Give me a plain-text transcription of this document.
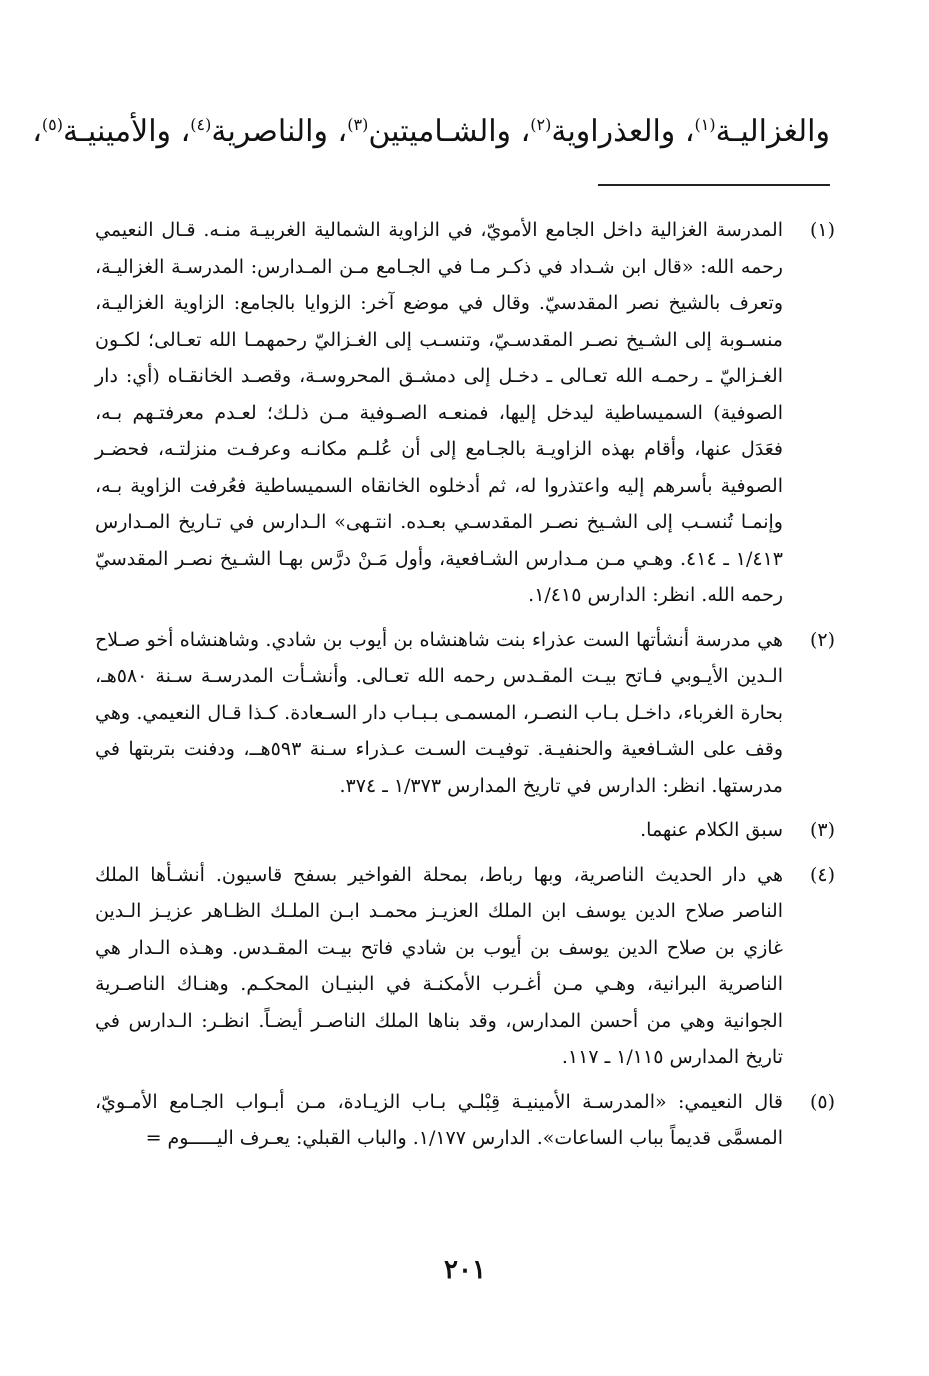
والغزاليـة$^{(١)}$، والعذراوية$^{(٢)}$، والشـاميتين$^{(٣)}$، والناصرية$^{(٤)}$، والأمينيـة$^{(٥)}$،
(١)
المدرسة الغزالية داخل الجامع الأمويّ، في الزاوية الشمالية الغربيـة منـه. قـال النعيمي رحمه الله: «قال ابن شـداد في ذكـر مـا في الجـامع مـن المـدارس: المدرسـة الغزاليـة، وتعرف بالشيخ نصر المقدسيّ. وقال في موضع آخر: الزوايا بالجامع: الزاوية الغزاليـة، منسـوبة إلى الشـيخ نصـر المقدسـيّ، وتنسـب إلى الغـزاليّ رحمهمـا الله تعـالى؛ لكـون الغـزاليّ ـ رحمـه الله تعـالى ـ دخـل إلى دمشـق المحروسـة، وقصـد الخانقـاه (أي: دار الصوفية) السميساطية ليدخل إليها، فمنعـه الصـوفية مـن ذلـك؛ لعـدم معرفتـهم بـه، فعَدَل عنها، وأقام بهذه الزاويـة بالجـامع إلى أن عُلـم مكانـه وعرفـت منزلتـه، فحضـر الصوفية بأسرهم إليه واعتذروا له، ثم أدخلوه الخانقاه السميساطية فعُرفت الزاوية بـه، وإنمـا تُنسـب إلى الشـيخ نصـر المقدسـي بعـده. انتـهى» الـدارس في تـاريخ المـدارس ١/٤١٣ ـ ٤١٤. وهـي مـن مـدارس الشـافعية، وأول مَـنْ درَّس بهـا الشـيخ نصـر المقدسيّ رحمه الله. انظر: الدارس ١/٤١٥.
(٢)
هي مدرسة أنشأتها الست عذراء بنت شاهنشاه بن أيوب بن شادي. وشاهنشاه أخو صـلاح الـدين الأيـوبي فـاتح بيـت المقـدس رحمه الله تعـالى. وأنشـأت المدرسـة سـنة ٥٨٠هـ، بحارة الغرباء، داخـل بـاب النصـر، المسمـى بـبـاب دار السـعادة. كـذا قـال النعيمي. وهي وقف على الشـافعية والحنفيـة. توفيـت السـت عـذراء سـنة ٥٩٣هــ، ودفنت بتربتها في مدرستها. انظر: الدارس في تاريخ المدارس ١/٣٧٣ ـ ٣٧٤.
(٣)
سبق الكلام عنهما.
(٤)
هي دار الحديث الناصرية، وبها رباط، بمحلة الفواخير بسفح قاسيون. أنشـأها الملك الناصر صلاح الدين يوسف ابن الملك العزيـز محمـد ابـن الملـك الظـاهر عزيـز الـدين غازي بن صلاح الدين يوسف بن أيوب بن شادي فاتح بيـت المقـدس. وهـذه الـدار هي الناصرية البرانية، وهـي مـن أغـرب الأمكنـة في البنيـان المحكـم. وهنـاك الناصـرية الجوانية وهي من أحسن المدارس، وقد بناها الملك الناصـر أيضـاً. انظـر: الـدارس في تاريخ المدارس ١/١١٥ ـ ١١٧.
(٥)
قال النعيمي: «المدرسـة الأمينيـة قِبْلـي بـاب الزيـادة، مـن أبـواب الجـامع الأمـويّ، المسمَّى قديماً بباب الساعات». الدارس ١/١٧٧. والباب القبلي: يعـرف اليـــــوم =
٢٠١
